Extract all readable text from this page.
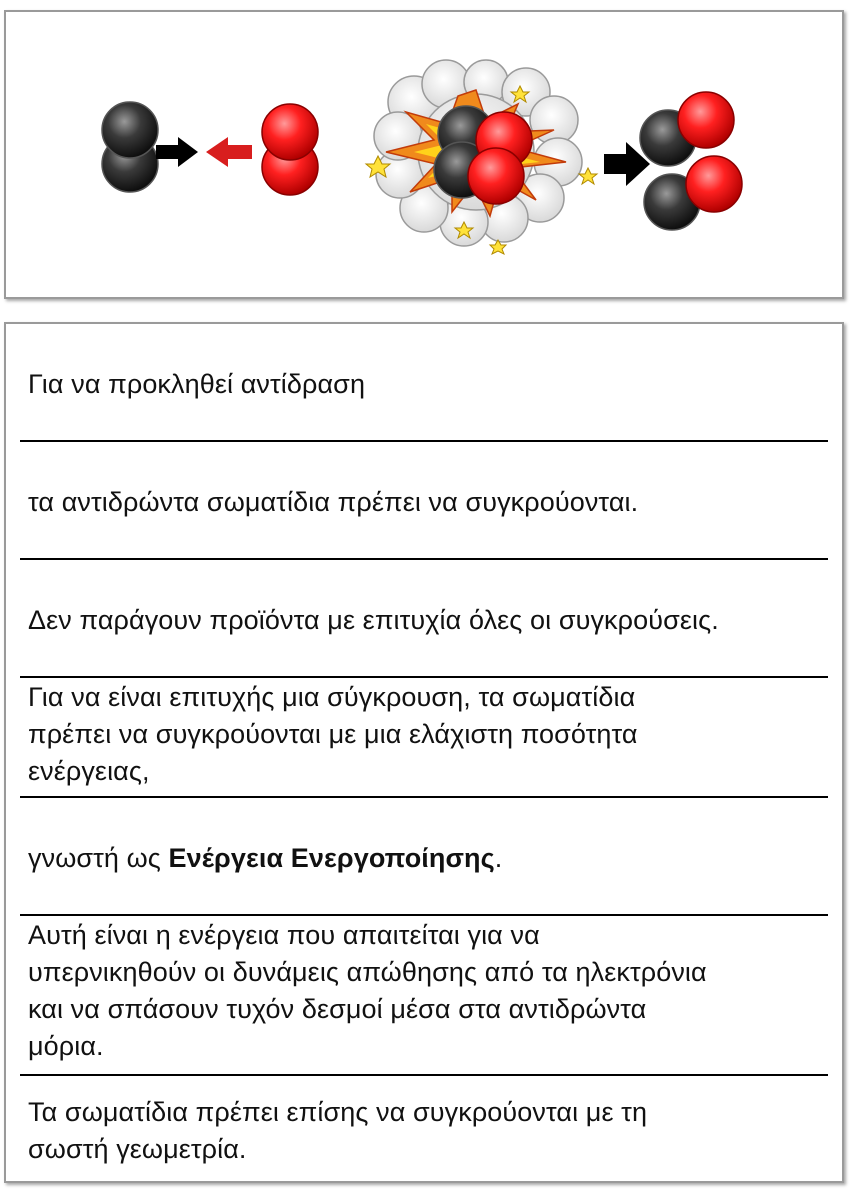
Για να προκληθεί αντίδραση
τα αντιδρώντα σωματίδια πρέπει να συγκρούονται.
Δεν παράγουν προϊόντα με επιτυχία όλες οι συγκρούσεις.
Για να είναι επιτυχής μια σύγκρουση, τα σωματίδια
πρέπει να συγκρούονται με μια ελάχιστη ποσότητα
ενέργειας,
γνωστή ως Ενέργεια Ενεργοποίησης.
Αυτή είναι η ενέργεια που απαιτείται για να
υπερνικηθούν οι δυνάμεις απώθησης από τα ηλεκτρόνια
και να σπάσουν τυχόν δεσμοί μέσα στα αντιδρώντα
μόρια.
Τα σωματίδια πρέπει επίσης να συγκρούονται με τη
σωστή γεωμετρία.
